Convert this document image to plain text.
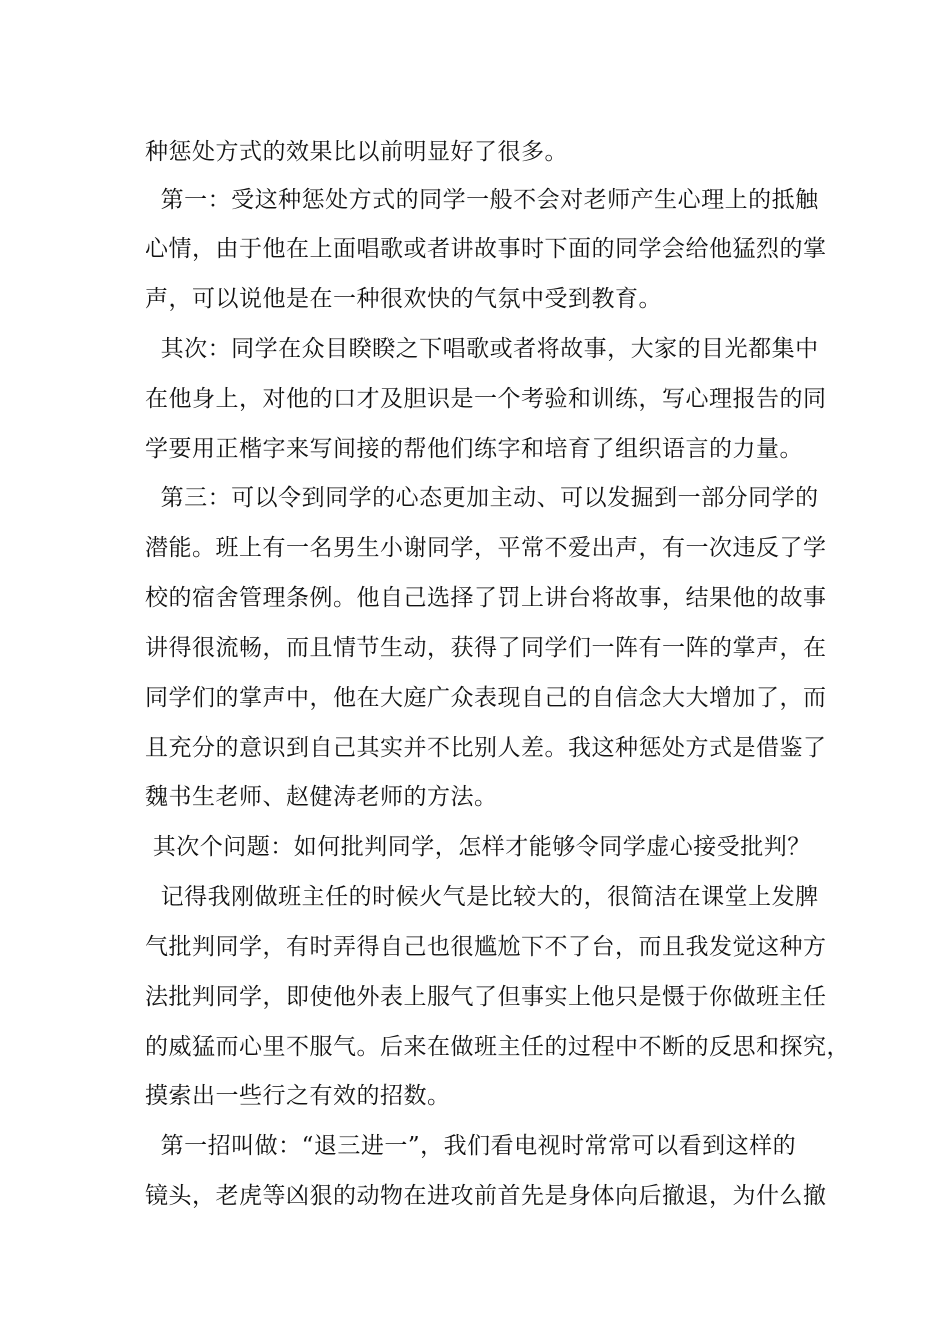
种惩处方式的效果比以前明显好了很多。
第一：受这种惩处方式的同学一般不会对老师产生心理上的抵触
心情，由于他在上面唱歌或者讲故事时下面的同学会给他猛烈的掌
声，可以说他是在一种很欢快的气氛中受到教育。
其次：同学在众目睽睽之下唱歌或者将故事，大家的目光都集中
在他身上，对他的口才及胆识是一个考验和训练，写心理报告的同
学要用正楷字来写间接的帮他们练字和培育了组织语言的力量。
第三：可以令到同学的心态更加主动、可以发掘到一部分同学的
潜能。班上有一名男生小谢同学，平常不爱出声，有一次违反了学
校的宿舍管理条例。他自己选择了罚上讲台将故事，结果他的故事
讲得很流畅，而且情节生动，获得了同学们一阵有一阵的掌声，在
同学们的掌声中，他在大庭广众表现自己的自信念大大增加了，而
且充分的意识到自己其实并不比别人差。我这种惩处方式是借鉴了
魏书生老师、赵健涛老师的方法。
其次个问题：如何批判同学，怎样才能够令同学虚心接受批判？
记得我刚做班主任的时候火气是比较大的，很简洁在课堂上发脾
气批判同学，有时弄得自己也很尴尬下不了台，而且我发觉这种方
法批判同学，即使他外表上服气了但事实上他只是慑于你做班主任
的威猛而心里不服气。后来在做班主任的过程中不断的反思和探究，
摸索出一些行之有效的招数。
第一招叫做：“退三进一”，我们看电视时常常可以看到这样的
镜头，老虎等凶狠的动物在进攻前首先是身体向后撤退，为什么撤
